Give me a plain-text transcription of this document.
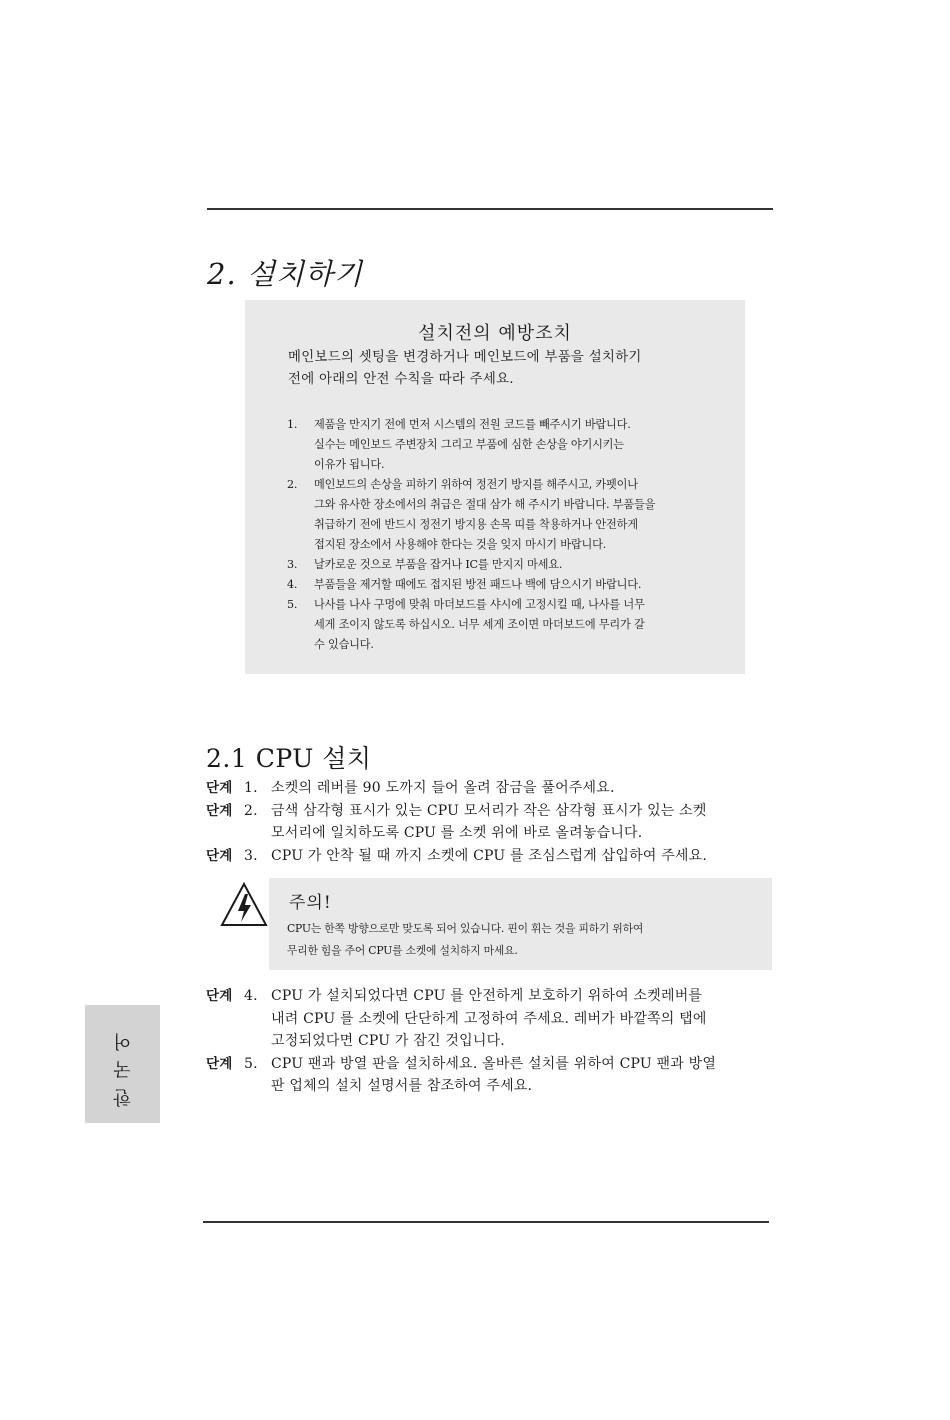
2. 설치하기
설치전의 예방조치
메인보드의 셋팅을 변경하거나 메인보드에 부품을 설치하기
전에 아래의 안전 수칙을 따라 주세요.
1.	제품을 만지기 전에 먼저 시스템의 전원 코드를 빼주시기 바랍니다.
실수는 메인보드 주변장치 그리고 부품에 심한 손상을 야기시키는
이유가 됩니다.
2.	메인보드의 손상을 피하기 위하여 정전기 방지를 해주시고, 카펫이나
그와 유사한 장소에서의 취급은 절대 삼가 해 주시기 바랍니다. 부품들을
취급하기 전에 반드시 정전기 방지용 손목 띠를 착용하거나 안전하게
접지된 장소에서 사용해야 한다는 것을 잊지 마시기 바랍니다.
3.	날카로운 것으로 부품을 잡거나 IC를 만지지 마세요.
4.	부품들을 제거할 때에도 접지된 방전 패드나 백에 담으시기 바랍니다.
5.	나사를 나사 구멍에 맞춰 마더보드를 샤시에 고정시킬 때, 나사를 너무
세게 조이지 않도록 하십시오. 너무 세게 조이면 마더보드에 무리가 갈
수 있습니다.
2.1 CPU 설치
단계 1. 소켓의 레버를 90 도까지 들어 올려 잠금을 풀어주세요.
단계 2. 금색 삼각형 표시가 있는 CPU 모서리가 작은 삼각형 표시가 있는 소켓
모서리에 일치하도록 CPU 를 소켓 위에 바로 올려놓습니다.
단계 3. CPU 가 안착 될 때 까지 소켓에 CPU 를 조심스럽게 삽입하여 주세요.
주의!
CPU는 한쪽 방향으로만 맞도록 되어 있습니다. 핀이 휘는 것을 피하기 위하여
무리한 힘을 주어 CPU를 소켓에 설치하지 마세요.
단계 4. CPU 가 설치되었다면 CPU 를 안전하게 보호하기 위하여 소켓레버를
내려 CPU 를 소켓에 단단하게 고정하여 주세요. 레버가 바깥쪽의 탭에
고정되었다면 CPU 가 잠긴 것입니다.
단계 5. CPU 팬과 방열 판을 설치하세요. 올바른 설치를 위하여 CPU 팬과 방열
판 업체의 설치 설명서를 참조하여 주세요.
한국어
